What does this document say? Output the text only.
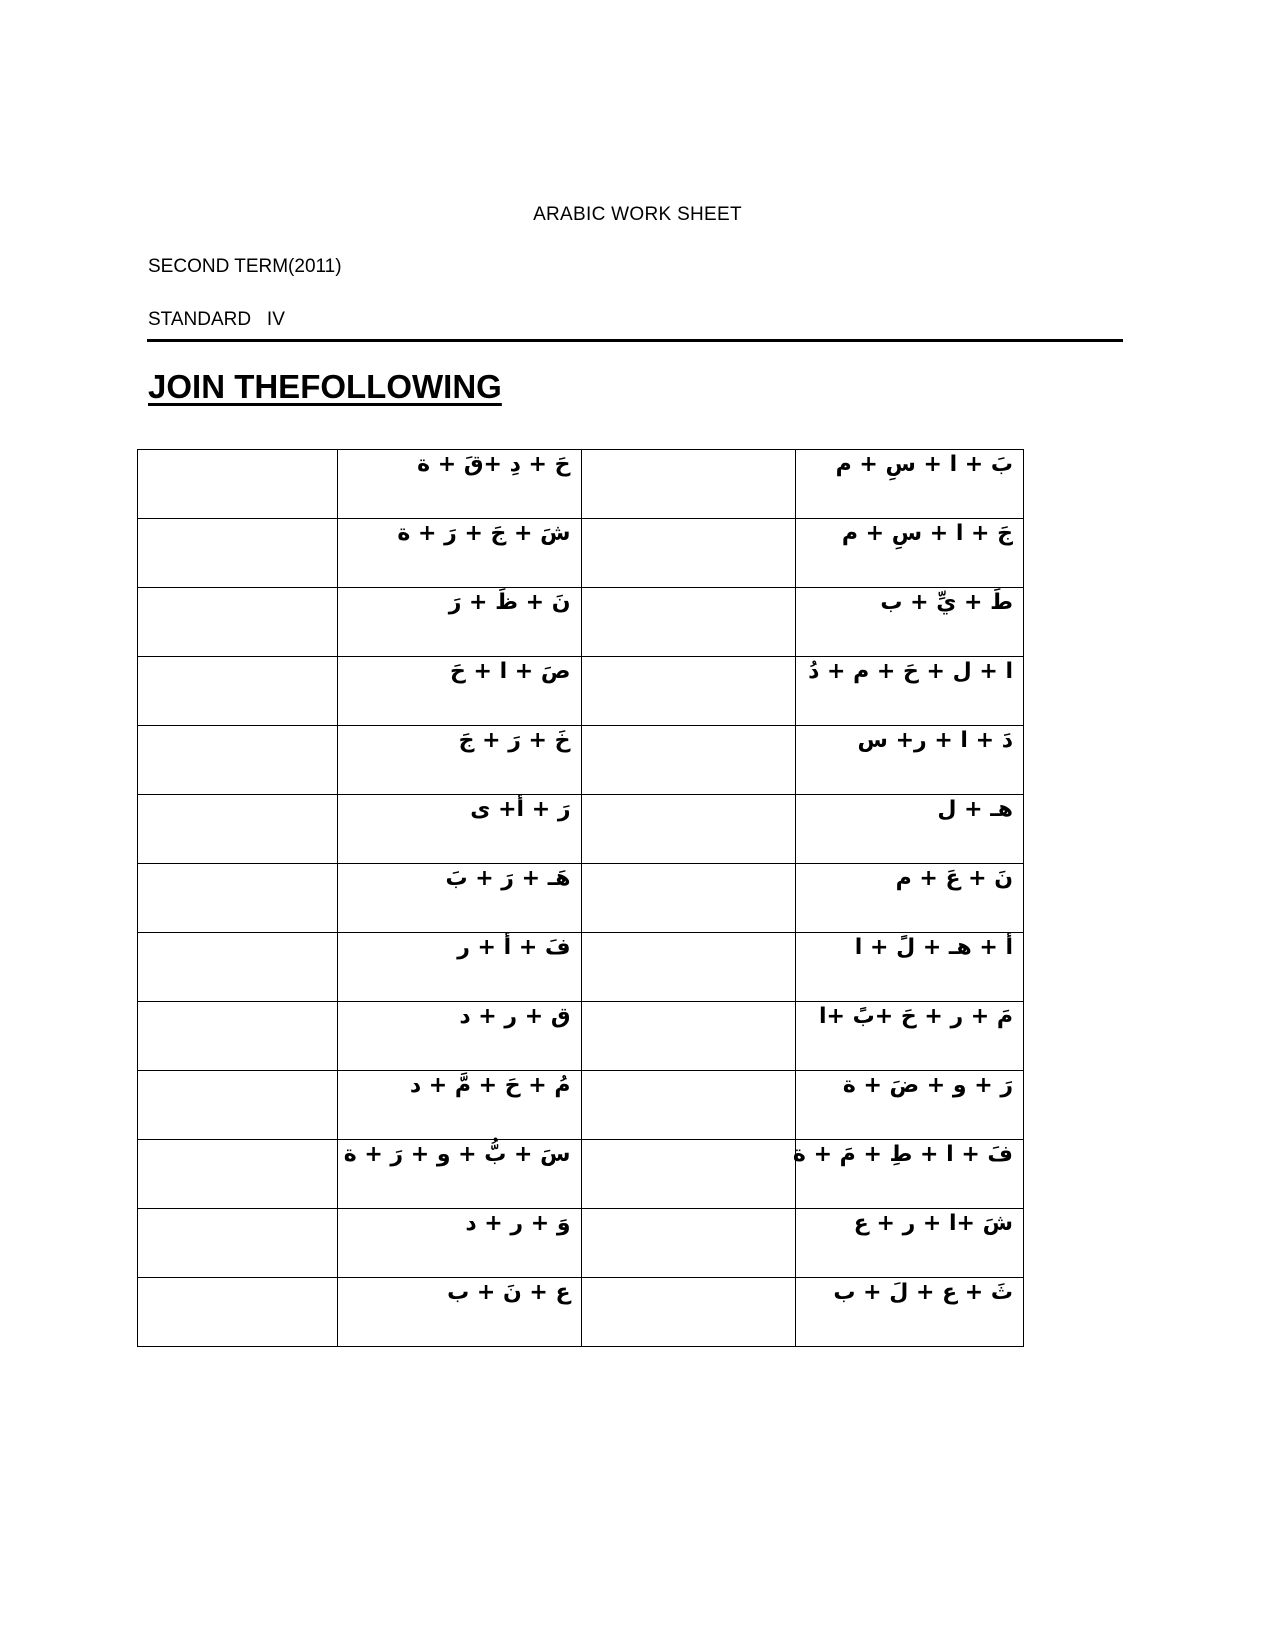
ARABIC WORK SHEET
SECOND TERM(2011)
STANDARD   IV
JOIN THEFOLLOWING
	حَ + دِ +قَ + ة		بَ + ا + سِ + م
	شَ + جَ + رَ + ة		جَ + ا + سِ + م
	نَ + ظَ + رَ		طَ + يِّ + ب
	صَ + ا + حَ		ا + ل + حَ + م + دُ
	خَ + رَ + جَ		دَ + ا + ر+ س
	رَ + أ+ ى		هـ + ل
	هَـ + رَ + بَ		نَ + عَ + م
	فَ + أ + ر		أ + هـ + لً + ا
	ق + ر + د		مَ + ر + حَ +بً +ا
	مُ + حَ + مَّ + د		رَ + و + ضَ + ة
	سَ + بُّ + و + رَ + ة		فَ + ا + طِ + مَ + ة
	وَ + ر + د		شَ +ا + ر + ع
	ع + نَ + ب		ثَ + ع + لَ + ب
